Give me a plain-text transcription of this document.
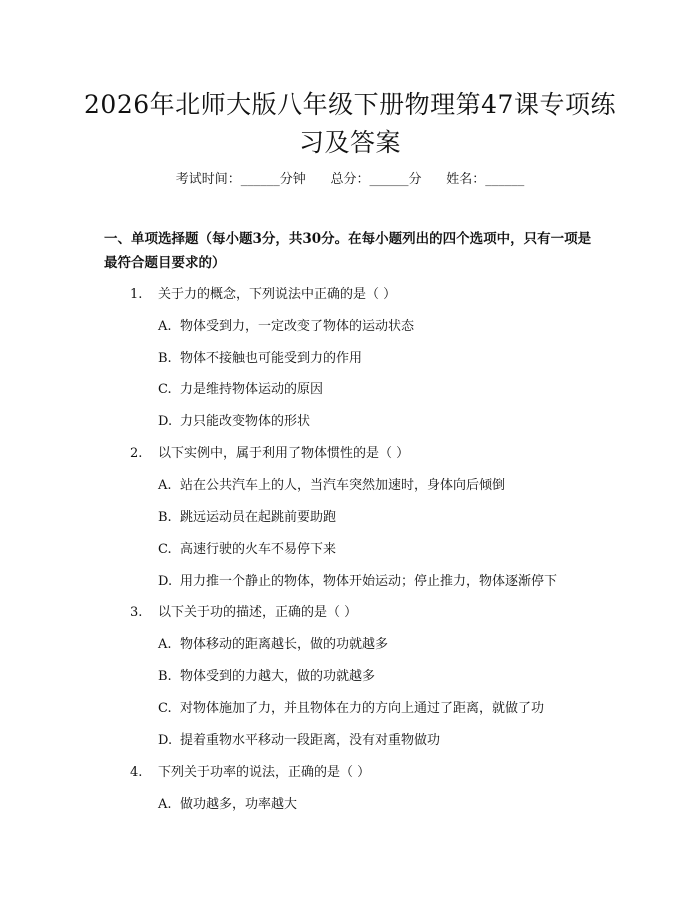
2026年北师大版八年级下册物理第47课专项练习及答案
考试时间：______分钟      总分：______分      姓名：______
一、单项选择题（每小题3分，共30分。在每小题列出的四个选项中，只有一项是最符合题目要求的）
1. 关于力的概念，下列说法中正确的是（ ）
A. 物体受到力，一定改变了物体的运动状态
B. 物体不接触也可能受到力的作用
C. 力是维持物体运动的原因
D. 力只能改变物体的形状
2. 以下实例中，属于利用了物体惯性的是（ ）
A. 站在公共汽车上的人，当汽车突然加速时，身体向后倾倒
B. 跳远运动员在起跳前要助跑
C. 高速行驶的火车不易停下来
D. 用力推一个静止的物体，物体开始运动；停止推力，物体逐渐停下
3. 以下关于功的描述，正确的是（ ）
A. 物体移动的距离越长，做的功就越多
B. 物体受到的力越大，做的功就越多
C. 对物体施加了力，并且物体在力的方向上通过了距离，就做了功
D. 提着重物水平移动一段距离，没有对重物做功
4. 下列关于功率的说法，正确的是（ ）
A. 做功越多，功率越大
